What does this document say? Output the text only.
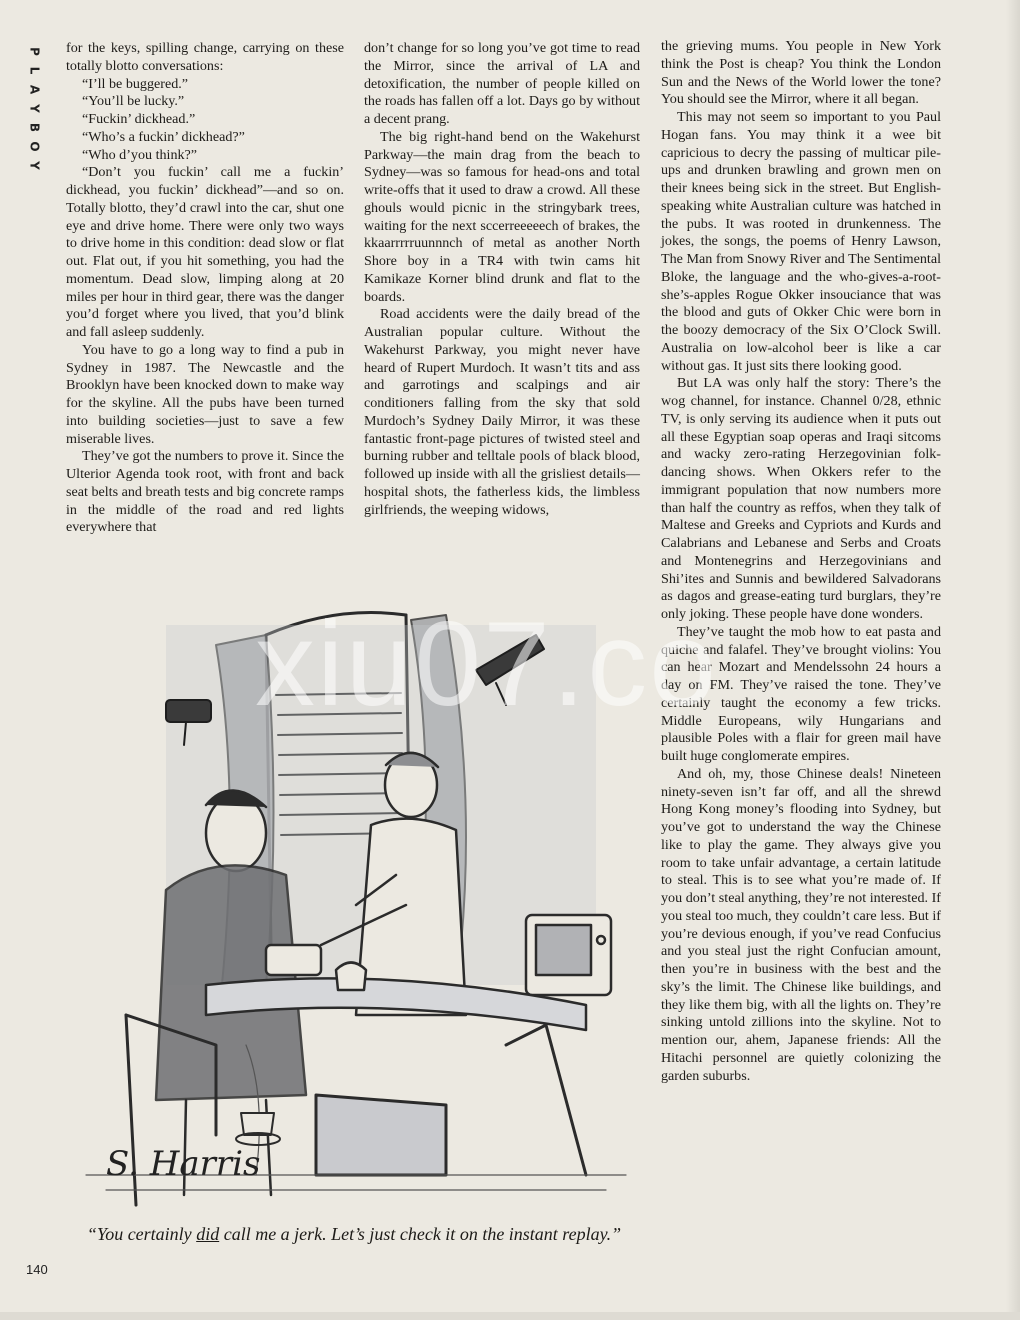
P
L
A
Y
B
O
Y

for the keys, spilling change, carrying on these totally blotto conversations:

“I’ll be buggered.”

“You’ll be lucky.”

“Fuckin’ dickhead.”

“Who’s a fuckin’ dickhead?”

“Who d’you think?”

“Don’t you fuckin’ call me a fuckin’ dickhead, you fuckin’ dickhead”—and so on. Totally blotto, they’d crawl into the car, shut one eye and drive home. There were only two ways to drive home in this condition: dead slow or flat out. Flat out, if you hit something, you had the momentum. Dead slow, limping along at 20 miles per hour in third gear, there was the danger you’d forget where you lived, that you’d blink and fall asleep suddenly.

You have to go a long way to find a pub in Sydney in 1987. The Newcastle and the Brooklyn have been knocked down to make way for the skyline. All the pubs have been turned into building societies—just to save a few miserable lives.

They’ve got the numbers to prove it. Since the Ulterior Agenda took root, with front and back seat belts and breath tests and big concrete ramps in the middle of the road and red lights everywhere that

don’t change for so long you’ve got time to read the Mirror, since the arrival of LA and detoxification, the number of people killed on the roads has fallen off a lot. Days go by without a decent prang.

The big right-hand bend on the Wakehurst Parkway—the main drag from the beach to Sydney—was so famous for head-ons and total write-offs that it used to draw a crowd. All these ghouls would picnic in the stringybark trees, waiting for the next sccerreeeeech of brakes, the kkaarrrrruunnnch of metal as another North Shore boy in a TR4 with twin cams hit Kamikaze Korner blind drunk and flat to the boards.

Road accidents were the daily bread of the Australian popular culture. Without the Wakehurst Parkway, you might never have heard of Rupert Murdoch. It wasn’t tits and ass and garrotings and scalpings and air conditioners falling from the sky that sold Murdoch’s Sydney Daily Mirror, it was these fantastic front-page pictures of twisted steel and burning rubber and telltale pools of black blood, followed up inside with all the grisliest details—hospital shots, the fatherless kids, the limbless girlfriends, the weeping widows,

the grieving mums. You people in New York think the Post is cheap? You think the London Sun and the News of the World lower the tone? You should see the Mirror, where it all began.

This may not seem so important to you Paul Hogan fans. You may think it a wee bit capricious to decry the passing of multicar pile-ups and drunken brawling and grown men on their knees being sick in the street. But English-speaking white Australian culture was hatched in the pubs. It was rooted in drunkenness. The jokes, the songs, the poems of Henry Lawson, The Man from Snowy River and The Sentimental Bloke, the language and the who-gives-a-root-she’s-apples Rogue Okker insouciance that was the blood and guts of Okker Chic were born in the boozy democracy of the Six O’Clock Swill. Australia on low-alcohol beer is like a car without gas. It just sits there looking good.

But LA was only half the story: There’s the wog channel, for instance. Channel 0/28, ethnic TV, is only serving its audience when it puts out all these Egyptian soap operas and Iraqi sitcoms and wacky zero-rating Herzegovinian folk-dancing shows. When Okkers refer to the immigrant population that now numbers more than half the country as reffos, when they talk of Maltese and Greeks and Cypriots and Kurds and Calabrians and Lebanese and Serbs and Croats and Montenegrins and Herzegovinians and Shi’ites and Sunnis and bewildered Salvadorans as dagos and grease-eating turd burglars, they’re only joking. These people have done wonders.

They’ve taught the mob how to eat pasta and quiche and falafel. They’ve brought violins: You can hear Mozart and Mendelssohn 24 hours a day on FM. They’ve raised the tone. They’ve certainly taught the economy a few tricks. Middle Europeans, wily Hungarians and plausible Poles with a flair for green mail have built huge conglomerate empires.

And oh, my, those Chinese deals! Nineteen ninety-seven isn’t far off, and all the shrewd Hong Kong money’s flooding into Sydney, but you’ve got to understand the way the Chinese like to play the game. They always give you room to take unfair advantage, a certain latitude to steal. This is to see what you’re made of. If you don’t steal anything, they’re not interested. If you steal too much, they couldn’t care less. But if you’re devious enough, if you’ve read Confucius and you steal just the right Confucian amount, then you’re in business with the best and the sky’s the limit. The Chinese like buildings, and they like them big, with all the lights on. They’re sinking untold zillions into the skyline. Not to mention our, ahem, Japanese friends: All the Hitachi personnel are quietly colonizing the garden suburbs.

S. Harris
“You certainly did call me a jerk. Let’s just check it on the instant replay.”
xiu07.co
140
